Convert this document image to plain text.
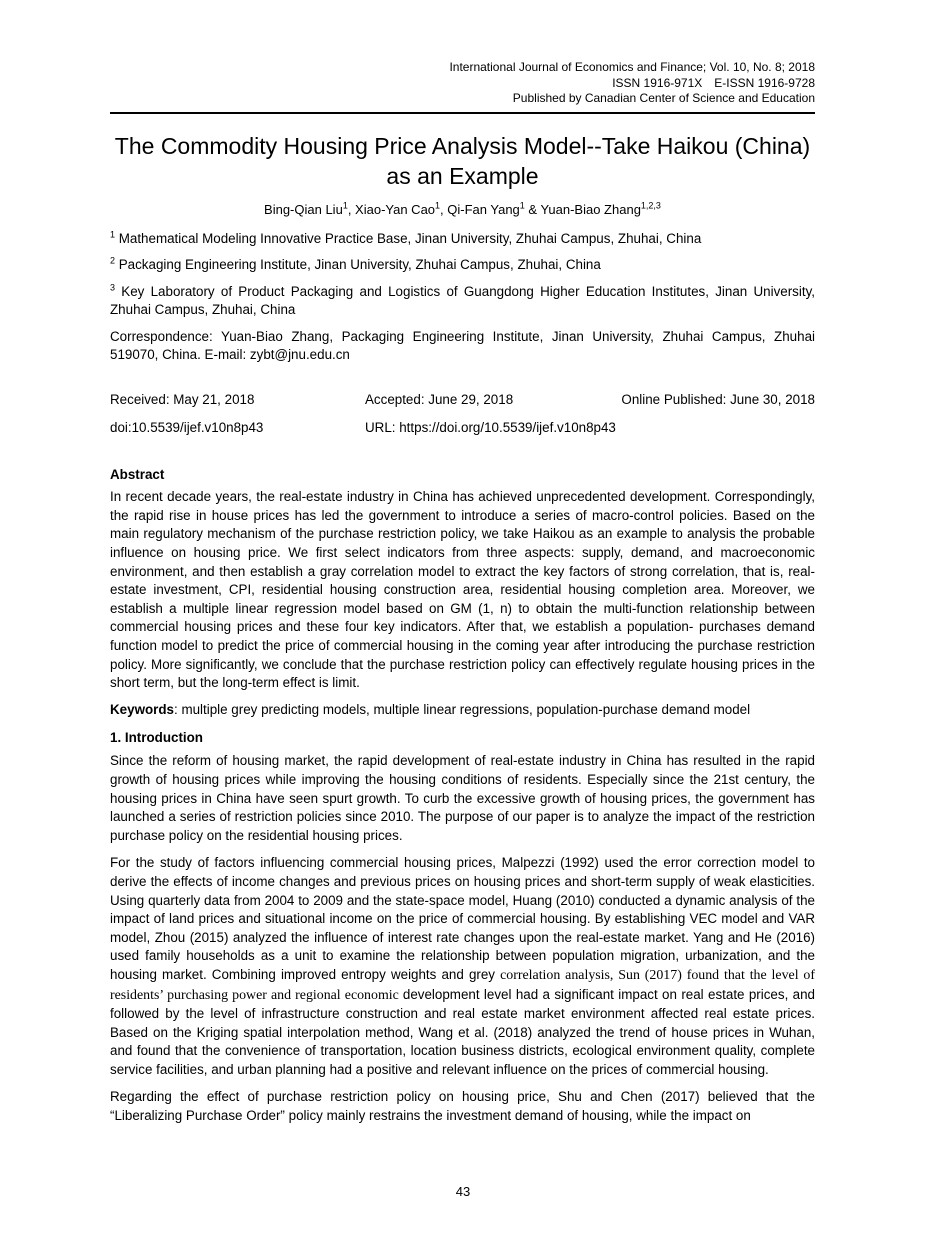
International Journal of Economics and Finance; Vol. 10, No. 8; 2018
ISSN 1916-971X E-ISSN 1916-9728
Published by Canadian Center of Science and Education
The Commodity Housing Price Analysis Model--Take Haikou (China)
as an Example

Bing-Qian Liu$^1$, Xiao-Yan Cao$^1$, Qi-Fan Yang$^1$ & Yuan-Biao Zhang$^{1,2,3}$

$^1$ Mathematical Modeling Innovative Practice Base, Jinan University, Zhuhai Campus, Zhuhai, China

$^2$ Packaging Engineering Institute, Jinan University, Zhuhai Campus, Zhuhai, China

$^3$ Key Laboratory of Product Packaging and Logistics of Guangdong Higher Education Institutes, Jinan University, Zhuhai Campus, Zhuhai, China

Correspondence: Yuan-Biao Zhang, Packaging Engineering Institute, Jinan University, Zhuhai Campus, Zhuhai 519070, China. E-mail: zybt@jnu.edu.cn

Received: May 21, 2018	Accepted: June 29, 2018	Online Published: June 30, 2018
doi:10.5539/ijef.v10n8p43	URL: https://doi.org/10.5539/ijef.v10n8p43
Abstract

In recent decade years, the real-estate industry in China has achieved unprecedented development. Correspondingly, the rapid rise in house prices has led the government to introduce a series of macro-control policies. Based on the main regulatory mechanism of the purchase restriction policy, we take Haikou as an example to analysis the probable influence on housing price. We first select indicators from three aspects: supply, demand, and macroeconomic environment, and then establish a gray correlation model to extract the key factors of strong correlation, that is, real- estate investment, CPI, residential housing construction area, residential housing completion area. Moreover, we establish a multiple linear regression model based on GM (1, n) to obtain the multi-function relationship between commercial housing prices and these four key indicators. After that, we establish a population- purchases demand function model to predict the price of commercial housing in the coming year after introducing the purchase restriction policy. More significantly, we conclude that the purchase restriction policy can effectively regulate housing prices in the short term, but the long-term effect is limit.

Keywords: multiple grey predicting models, multiple linear regressions, population-purchase demand model

1. Introduction

Since the reform of housing market, the rapid development of real-estate industry in China has resulted in the rapid growth of housing prices while improving the housing conditions of residents. Especially since the 21st century, the housing prices in China have seen spurt growth. To curb the excessive growth of housing prices, the government has launched a series of restriction policies since 2010. The purpose of our paper is to analyze the impact of the restriction purchase policy on the residential housing prices.

For the study of factors influencing commercial housing prices, Malpezzi (1992) used the error correction model to derive the effects of income changes and previous prices on housing prices and short-term supply of weak elasticities. Using quarterly data from 2004 to 2009 and the state-space model, Huang (2010) conducted a dynamic analysis of the impact of land prices and situational income on the price of commercial housing. By establishing VEC model and VAR model, Zhou (2015) analyzed the influence of interest rate changes upon the real-estate market. Yang and He (2016) used family households as a unit to examine the relationship between population migration, urbanization, and the housing market. Combining improved entropy weights and grey correlation analysis, Sun (2017) found that the level of residents’ purchasing power and regional economic development level had a significant impact on real estate prices, and followed by the level of infrastructure construction and real estate market environment affected real estate prices. Based on the Kriging spatial interpolation method, Wang et al. (2018) analyzed the trend of house prices in Wuhan, and found that the convenience of transportation, location business districts, ecological environment quality, complete service facilities, and urban planning had a positive and relevant influence on the prices of commercial housing.

Regarding the effect of purchase restriction policy on housing price, Shu and Chen (2017) believed that the “Liberalizing Purchase Order” policy mainly restrains the investment demand of housing, while the impact on

43
